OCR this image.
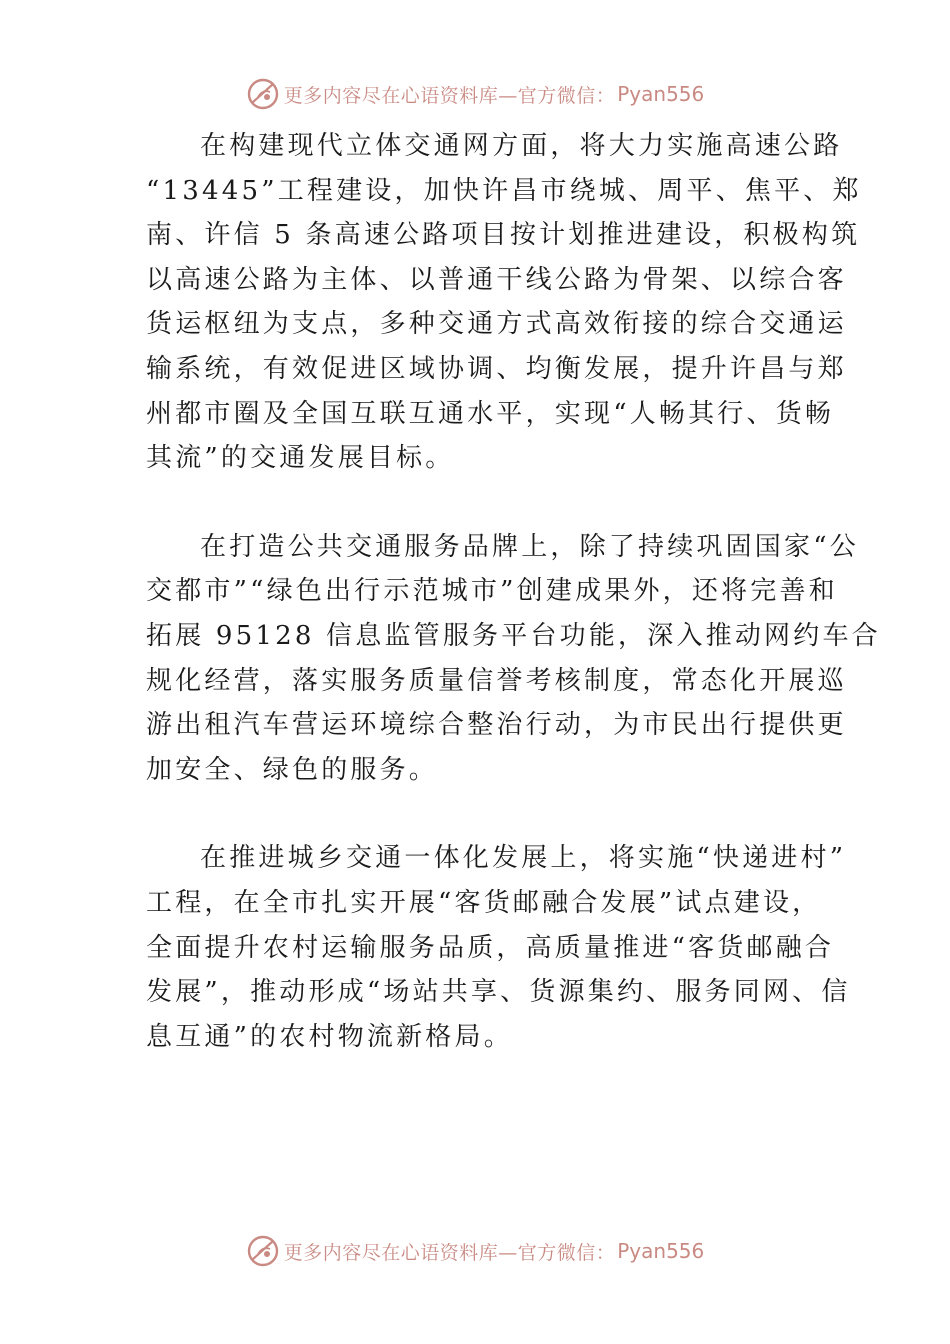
更多内容尽在心语资料库—官方微信： Pyan556

在构建现代立体交通网方面，将大力实施高速公路
“13445”工程建设，加快许昌市绕城、周平、焦平、郑
南、许信 5 条高速公路项目按计划推进建设，积极构筑
以高速公路为主体、以普通干线公路为骨架、以综合客
货运枢纽为支点，多种交通方式高效衔接的综合交通运
输系统，有效促进区域协调、均衡发展，提升许昌与郑
州都市圈及全国互联互通水平，实现“人畅其行、货畅
其流”的交通发展目标。

在打造公共交通服务品牌上，除了持续巩固国家“公
交都市”“绿色出行示范城市”创建成果外，还将完善和
拓展 95128 信息监管服务平台功能，深入推动网约车合
规化经营，落实服务质量信誉考核制度，常态化开展巡
游出租汽车营运环境综合整治行动，为市民出行提供更
加安全、绿色的服务。

在推进城乡交通一体化发展上，将实施“快递进村”
工程，在全市扎实开展“客货邮融合发展”试点建设，
全面提升农村运输服务品质，高质量推进“客货邮融合
发展”，推动形成“场站共享、货源集约、服务同网、信
息互通”的农村物流新格局。

更多内容尽在心语资料库—官方微信： Pyan556
